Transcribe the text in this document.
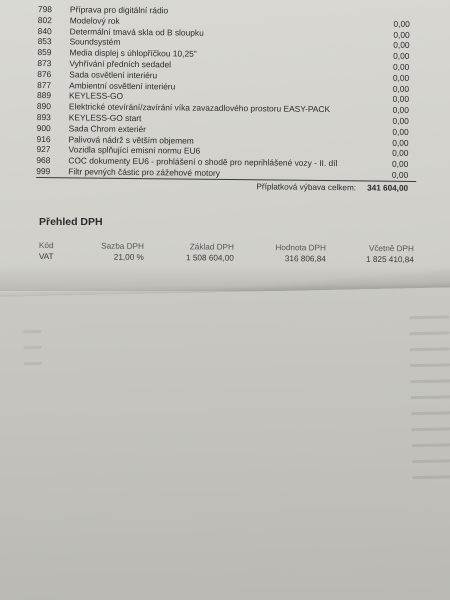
798	Příprava pro digitální rádio
802	Modelový rok	0,00
840	Determální tmavá skla od B sloupku	0,00
853	Soundsystém	0,00
859	Media displej s úhlopříčkou 10,25"	0,00
873	Vyhřívání předních sedadel	0,00
876	Sada osvětlení interiéru	0,00
877	Ambientní osvětlení interiéru	0,00
889	KEYLESS-GO	0,00
890	Elektrické otevírání/zavírání víka zavazadlového prostoru EASY-PACK	0,00
893	KEYLESS-GO start	0,00
900	Sada Chrom exteriér	0,00
916	Palivová nádrž s větším objemem	0,00
927	Vozidla splňující emisní normu EU6	0,00
968	COC dokumenty EU6 - prohlášení o shodě pro neprihlášené vozy - II. díl	0,00
999	Filtr pevných částic pro zážehové motory	0,00
Příplatková výbava celkem: 341 604,00
Přehled DPH
Kód	Sazba DPH	Základ DPH	Hodnota DPH	Včetně DPH
VAT	21,00 %	1 508 604,00	316 806,84	1 825 410,84
